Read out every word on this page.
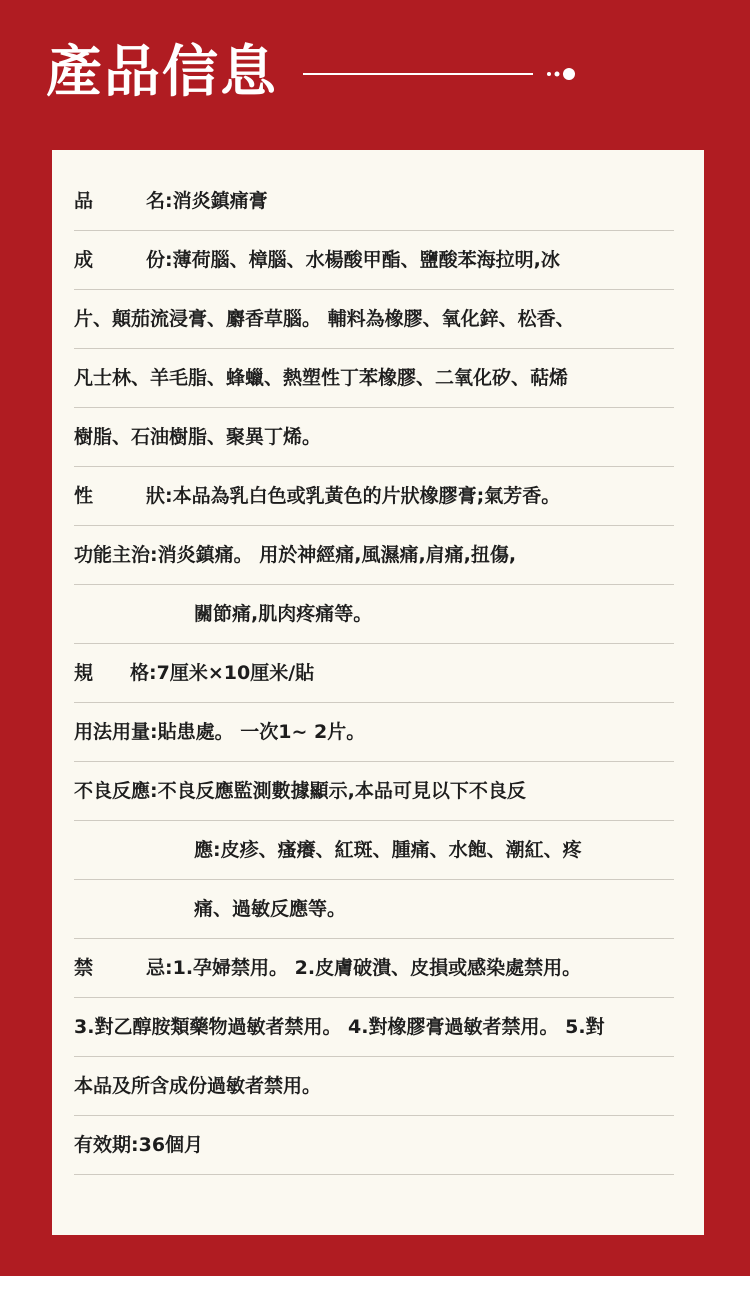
產品信息
品	名:消炎鎮痛膏
成	份:薄荷腦、樟腦、水楊酸甲酯、鹽酸苯海拉明,冰
片、顛茄流浸膏、麝香草腦。 輔料為橡膠、氧化鋅、松香、
凡士林、羊毛脂、蜂蠟、熱塑性丁苯橡膠、二氧化矽、萜烯
樹脂、石油樹脂、聚異丁烯。
性	狀:本品為乳白色或乳黃色的片狀橡膠膏;氣芳香。
功能主治:消炎鎮痛。 用於神經痛,風濕痛,肩痛,扭傷,
關節痛,肌肉疼痛等。
規 格:7厘米×10厘米/貼
用法用量:貼患處。 一次1~ 2片。
不良反應:不良反應監測數據顯示,本品可見以下不良反
應:皮疹、瘙癢、紅斑、腫痛、水飽、潮紅、疼
痛、過敏反應等。
禁	忌:1.孕婦禁用。 2.皮膚破潰、皮損或感染處禁用。
3.對乙醇胺類藥物過敏者禁用。 4.對橡膠膏過敏者禁用。 5.對
本品及所含成份過敏者禁用。
有效期:36個月
